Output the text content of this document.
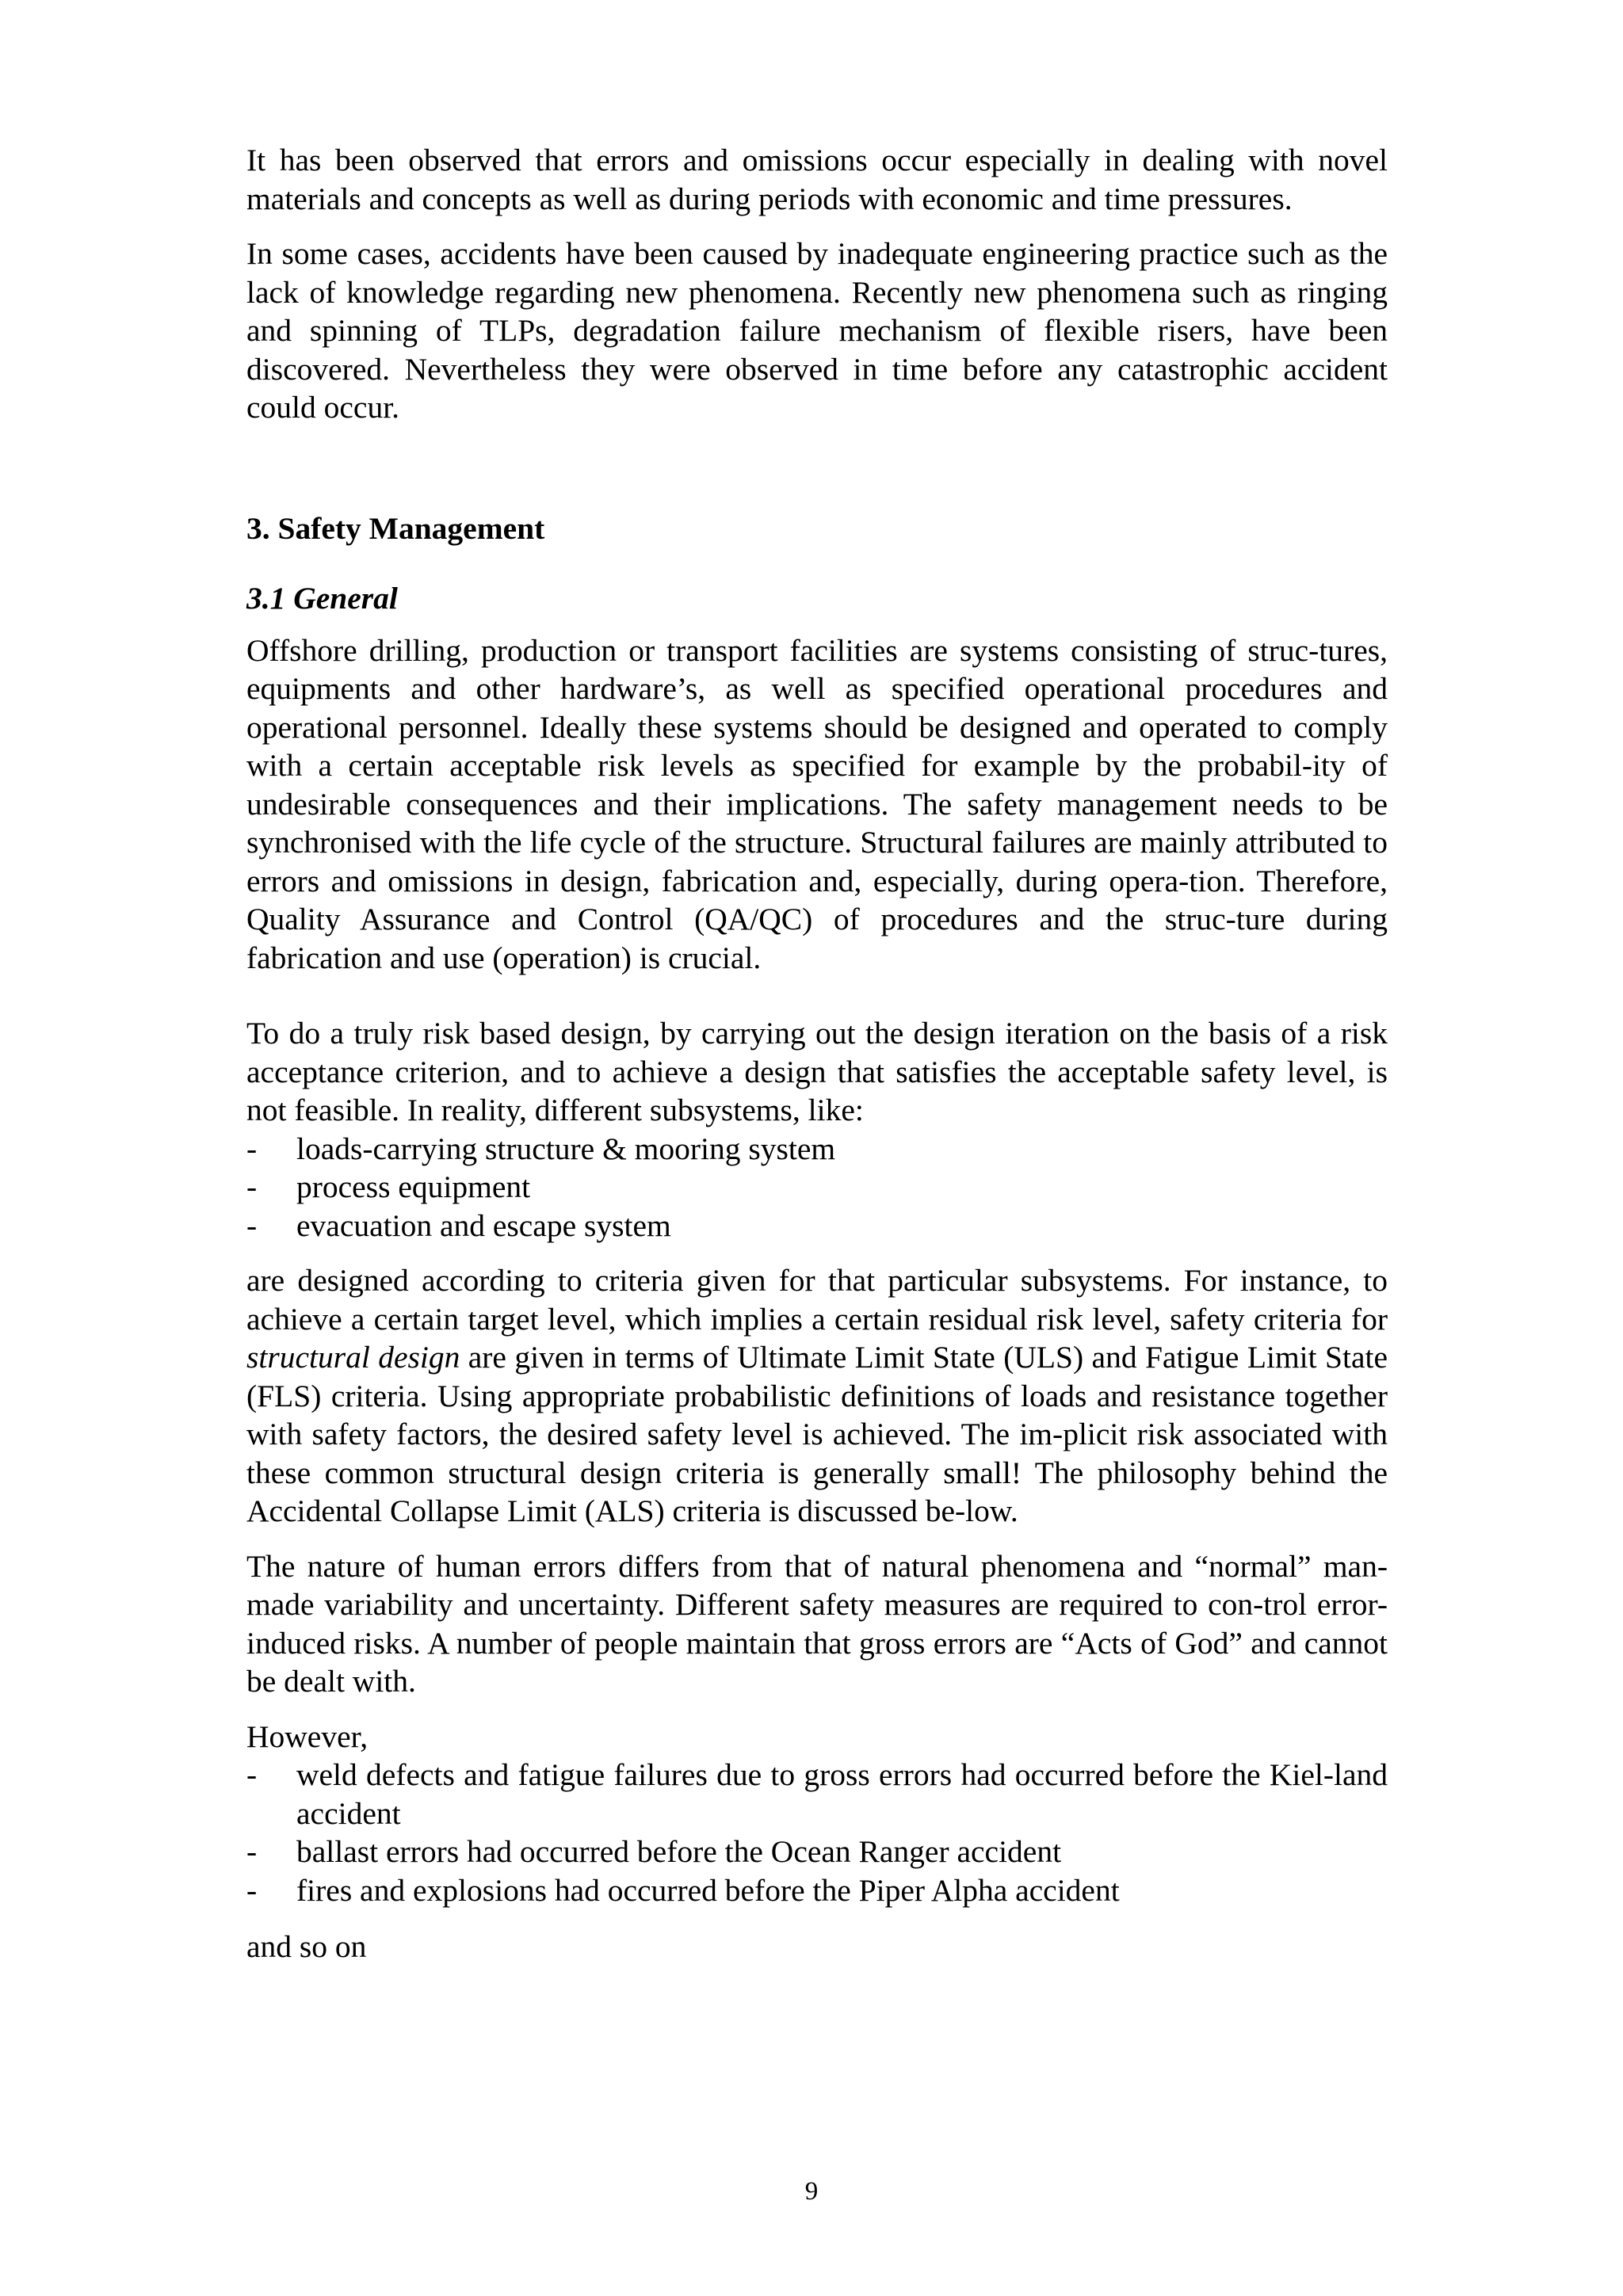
It has been observed that errors and omissions occur especially in dealing with novel materials and concepts as well as during periods with economic and time pressures.

In some cases, accidents have been caused by inadequate engineering practice such as the lack of knowledge regarding new phenomena. Recently new phenomena such as ringing and spinning of TLPs, degradation failure mechanism of flexible risers, have been discovered. Nevertheless they were observed in time before any catastrophic accident could occur.

3. Safety Management
3.1 General

Offshore drilling, production or transport facilities are systems consisting of struc-tures, equipments and other hardware’s, as well as specified operational procedures and operational personnel. Ideally these systems should be designed and operated to comply with a certain acceptable risk levels as specified for example by the probabil-ity of undesirable consequences and their implications. The safety management needs to be synchronised with the life cycle of the structure. Structural failures are mainly attributed to errors and omissions in design, fabrication and, especially, during opera-tion. Therefore, Quality Assurance and Control (QA/QC) of procedures and the struc-ture during fabrication and use (operation) is crucial.

To do a truly risk based design, by carrying out the design iteration on the basis of a risk acceptance criterion, and to achieve a design that satisfies the acceptable safety level, is not feasible. In reality, different subsystems, like:

- loads-carrying structure & mooring system
- process equipment
- evacuation and escape system

are designed according to criteria given for that particular subsystems. For instance, to achieve a certain target level, which implies a certain residual risk level, safety criteria for structural design are given in terms of Ultimate Limit State (ULS) and Fatigue Limit State (FLS) criteria. Using appropriate probabilistic definitions of loads and resistance together with safety factors, the desired safety level is achieved. The im-plicit risk associated with these common structural design criteria is generally small! The philosophy behind the Accidental Collapse Limit (ALS) criteria is discussed be-low.

The nature of human errors differs from that of natural phenomena and “normal” man-made variability and uncertainty. Different safety measures are required to con-trol error-induced risks. A number of people maintain that gross errors are “Acts of God” and cannot be dealt with.

However,

- weld defects and fatigue failures due to gross errors had occurred before the Kiel-land accident
- ballast errors had occurred before the Ocean Ranger accident
- fires and explosions had occurred before the Piper Alpha accident

and so on

9
